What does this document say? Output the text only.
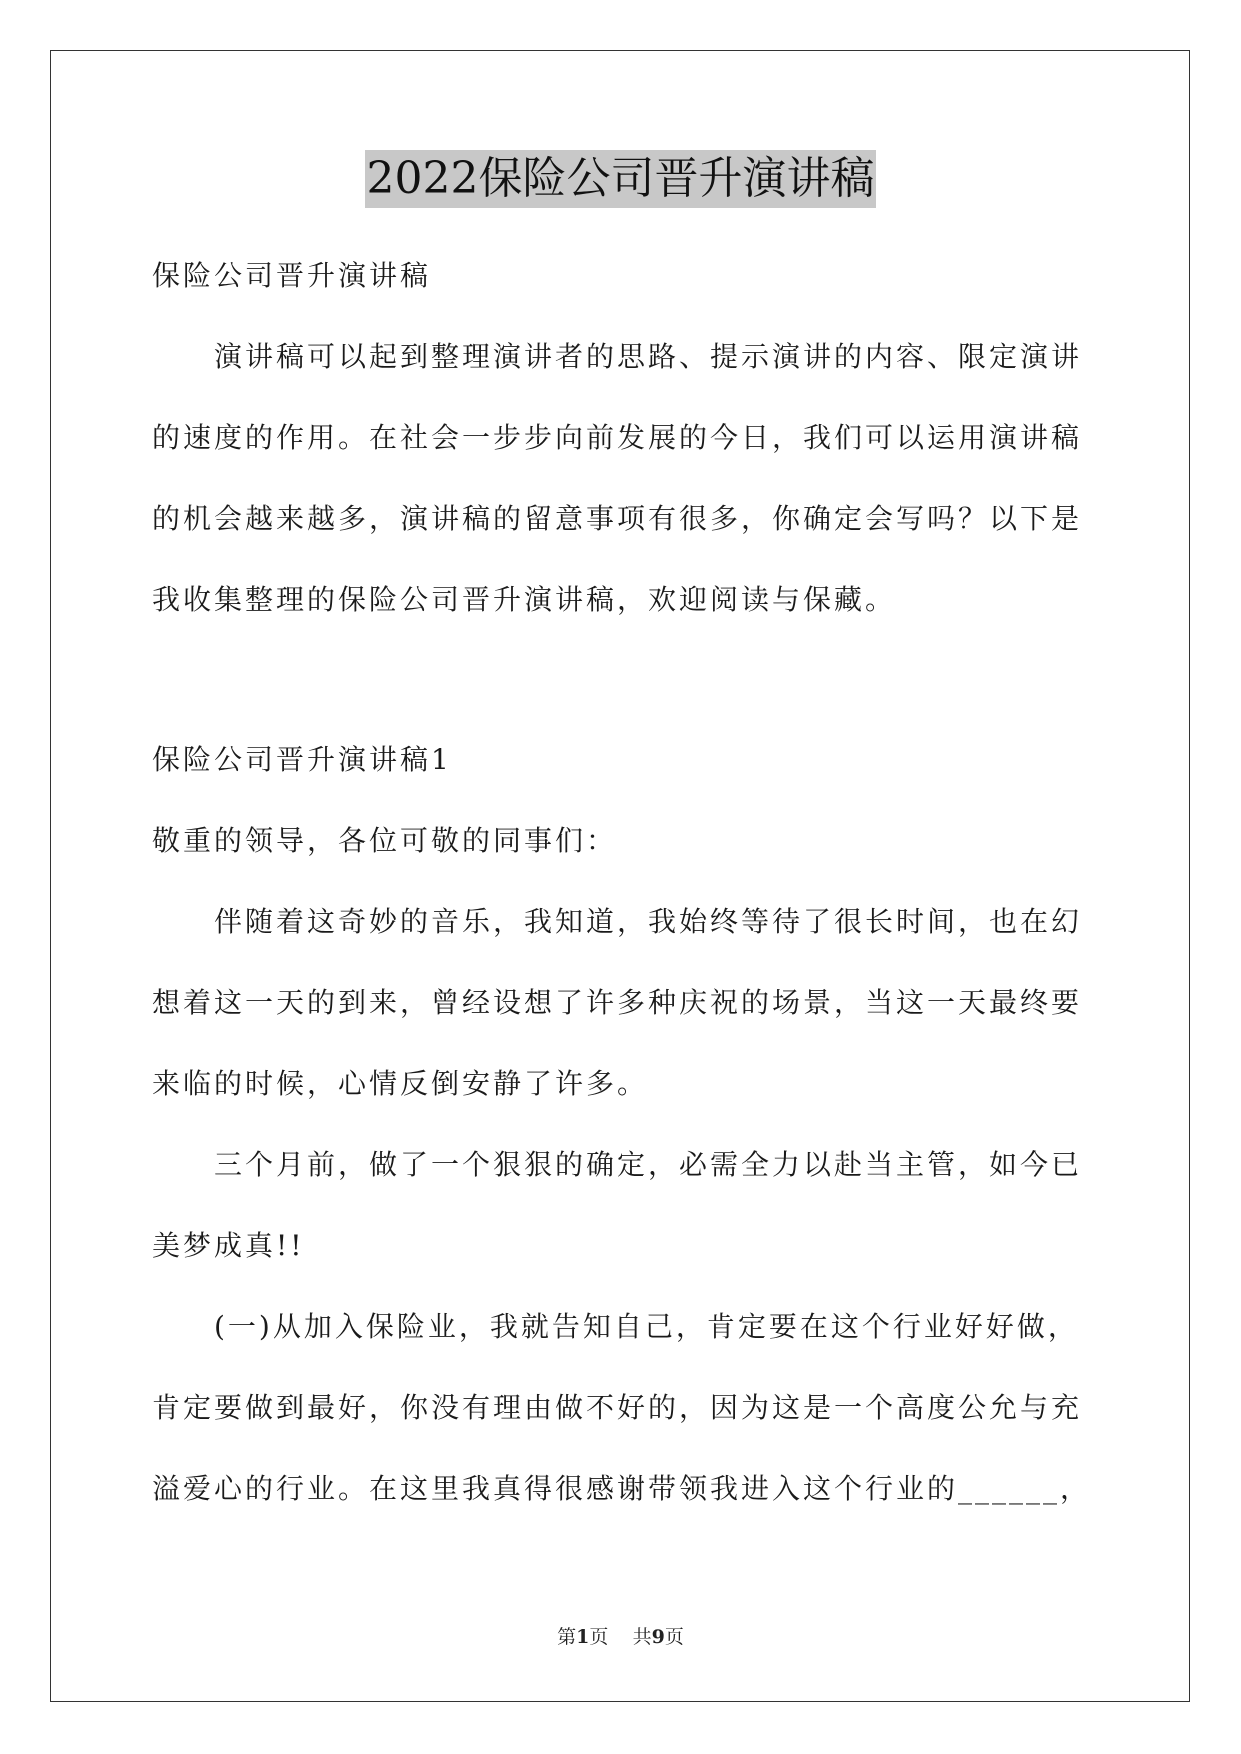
2022保险公司晋升演讲稿
保险公司晋升演讲稿
演讲稿可以起到整理演讲者的思路、提示演讲的内容、限定演讲
的速度的作用。在社会一步步向前发展的今日，我们可以运用演讲稿
的机会越来越多，演讲稿的留意事项有很多，你确定会写吗？以下是
我收集整理的保险公司晋升演讲稿，欢迎阅读与保藏。
保险公司晋升演讲稿1
敬重的领导，各位可敬的同事们：
伴随着这奇妙的音乐，我知道，我始终等待了很长时间，也在幻
想着这一天的到来，曾经设想了许多种庆祝的场景，当这一天最终要
来临的时候，心情反倒安静了许多。
三个月前，做了一个狠狠的确定，必需全力以赴当主管，如今已
美梦成真!!
(一)从加入保险业，我就告知自己，肯定要在这个行业好好做，
肯定要做到最好，你没有理由做不好的，因为这是一个高度公允与充
溢爱心的行业。在这里我真得很感谢带领我进入这个行业的______，
第1页 共9页
